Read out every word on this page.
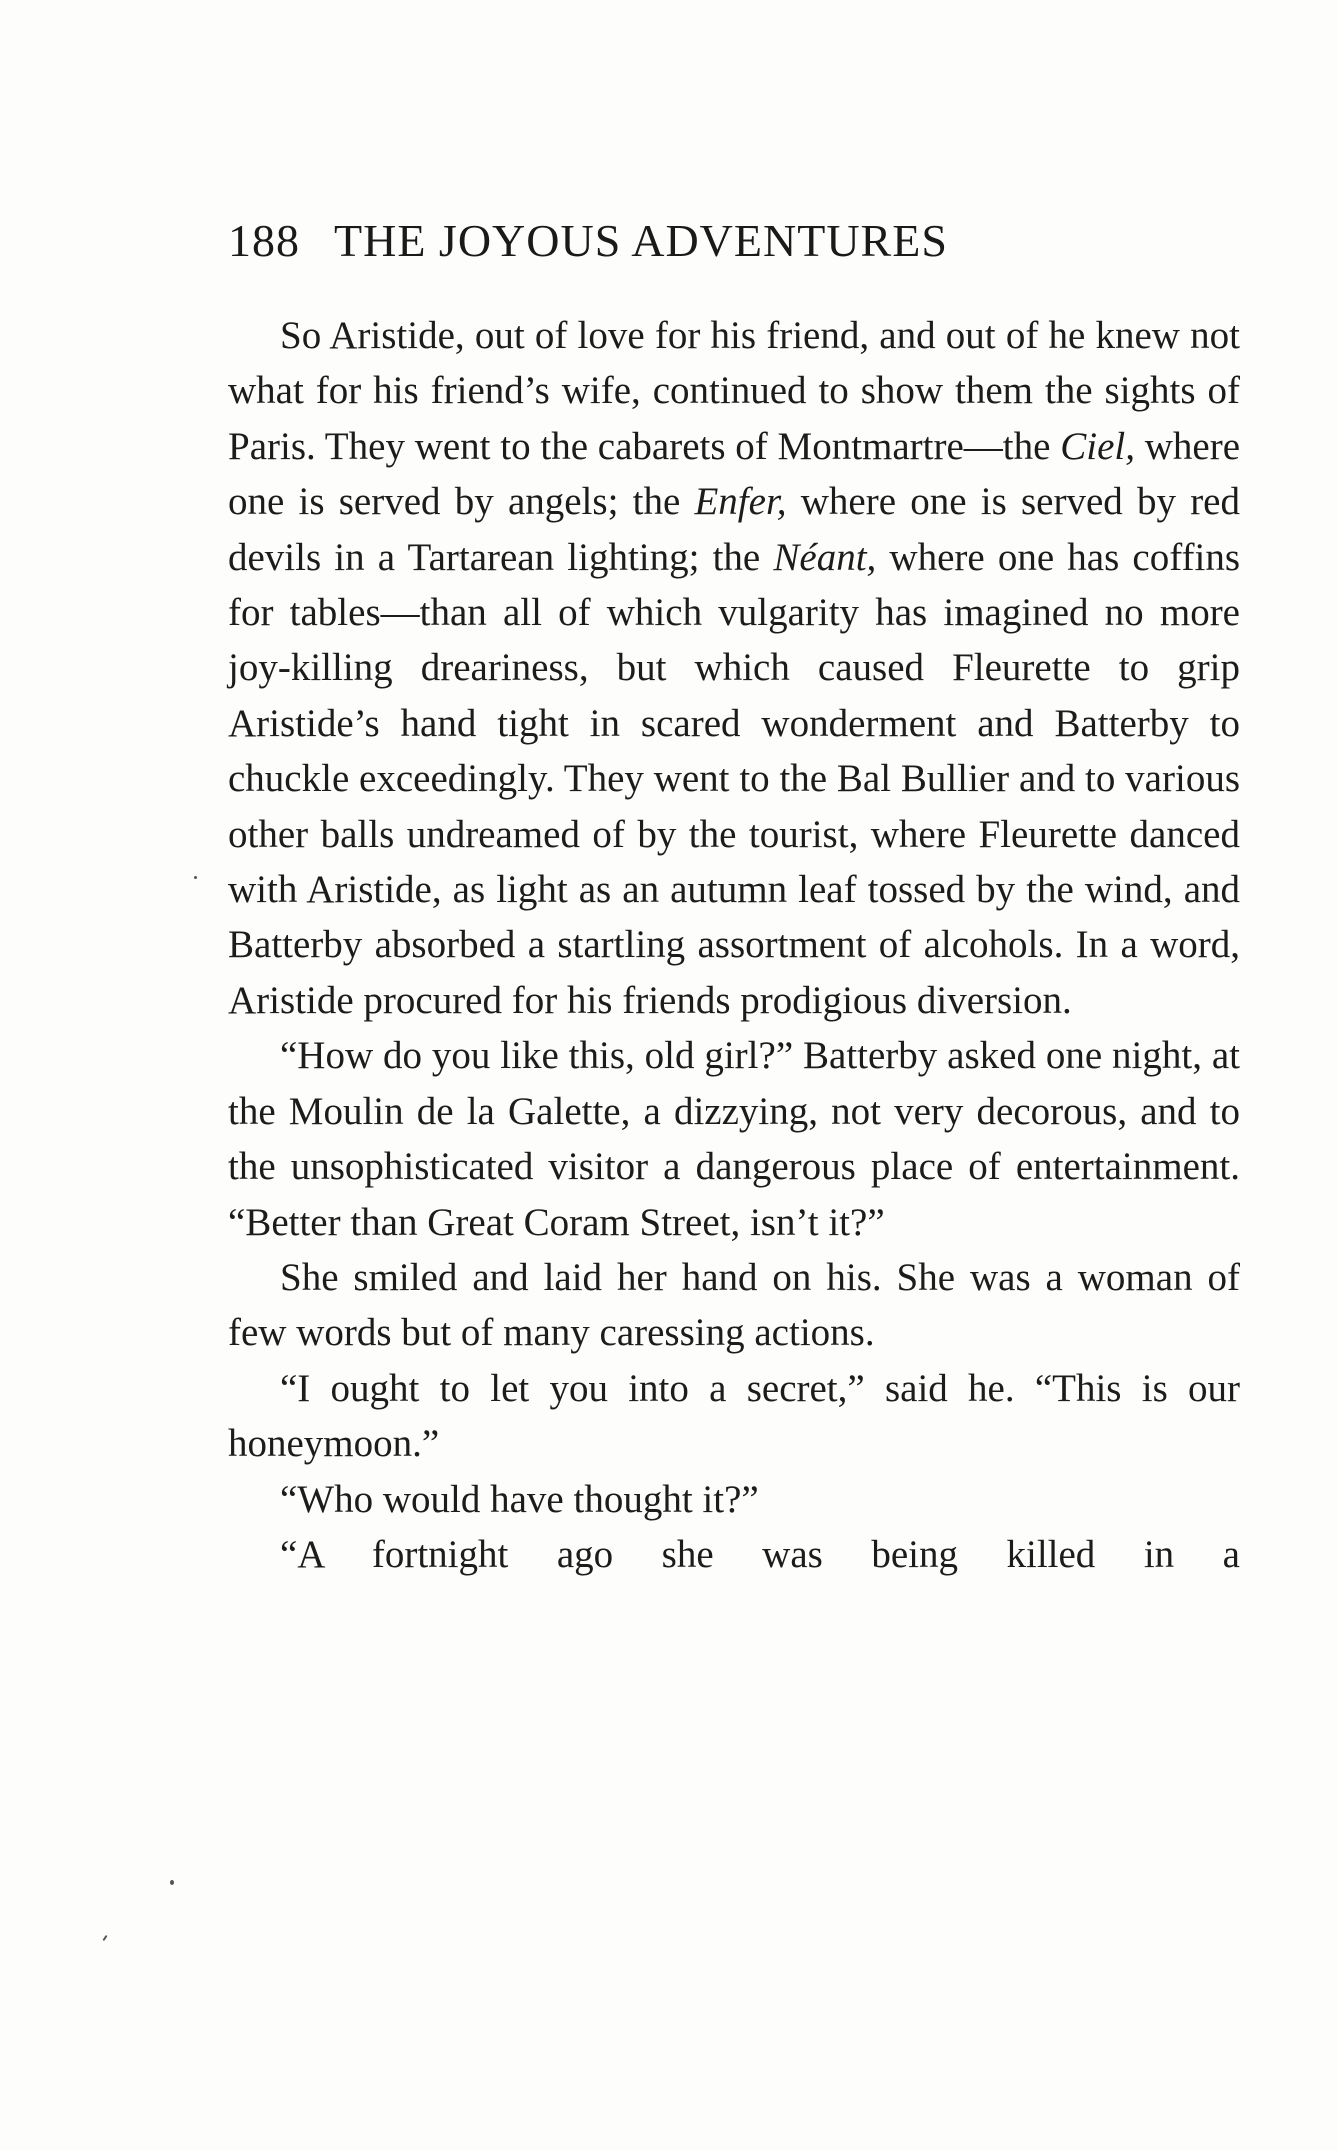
188 THE JOYOUS ADVENTURES

So Aristide, out of love for his friend, and out of he knew not what for his friend’s wife, continued to show them the sights of Paris. They went to the cabarets of Montmartre—the Ciel, where one is served by angels; the Enfer, where one is served by red devils in a Tartarean lighting; the Néant, where one has coffins for tables—than all of which vulgarity has imagined no more joy-killing dreariness, but which caused Fleurette to grip Aristide’s hand tight in scared wonderment and Batterby to chuckle exceedingly. They went to the Bal Bullier and to various other balls undreamed of by the tourist, where Fleurette danced with Aristide, as light as an autumn leaf tossed by the wind, and Batterby absorbed a startling assortment of alcohols. In a word, Aristide procured for his friends prodigious diversion.

“How do you like this, old girl?” Batterby asked one night, at the Moulin de la Galette, a dizzying, not very decorous, and to the unsophisticated visitor a dangerous place of entertainment. “Better than Great Coram Street, isn’t it?”

She smiled and laid her hand on his. She was a woman of few words but of many caressing actions.

“I ought to let you into a secret,” said he. “This is our honeymoon.”

“Who would have thought it?”

“A fortnight ago she was being killed in a
